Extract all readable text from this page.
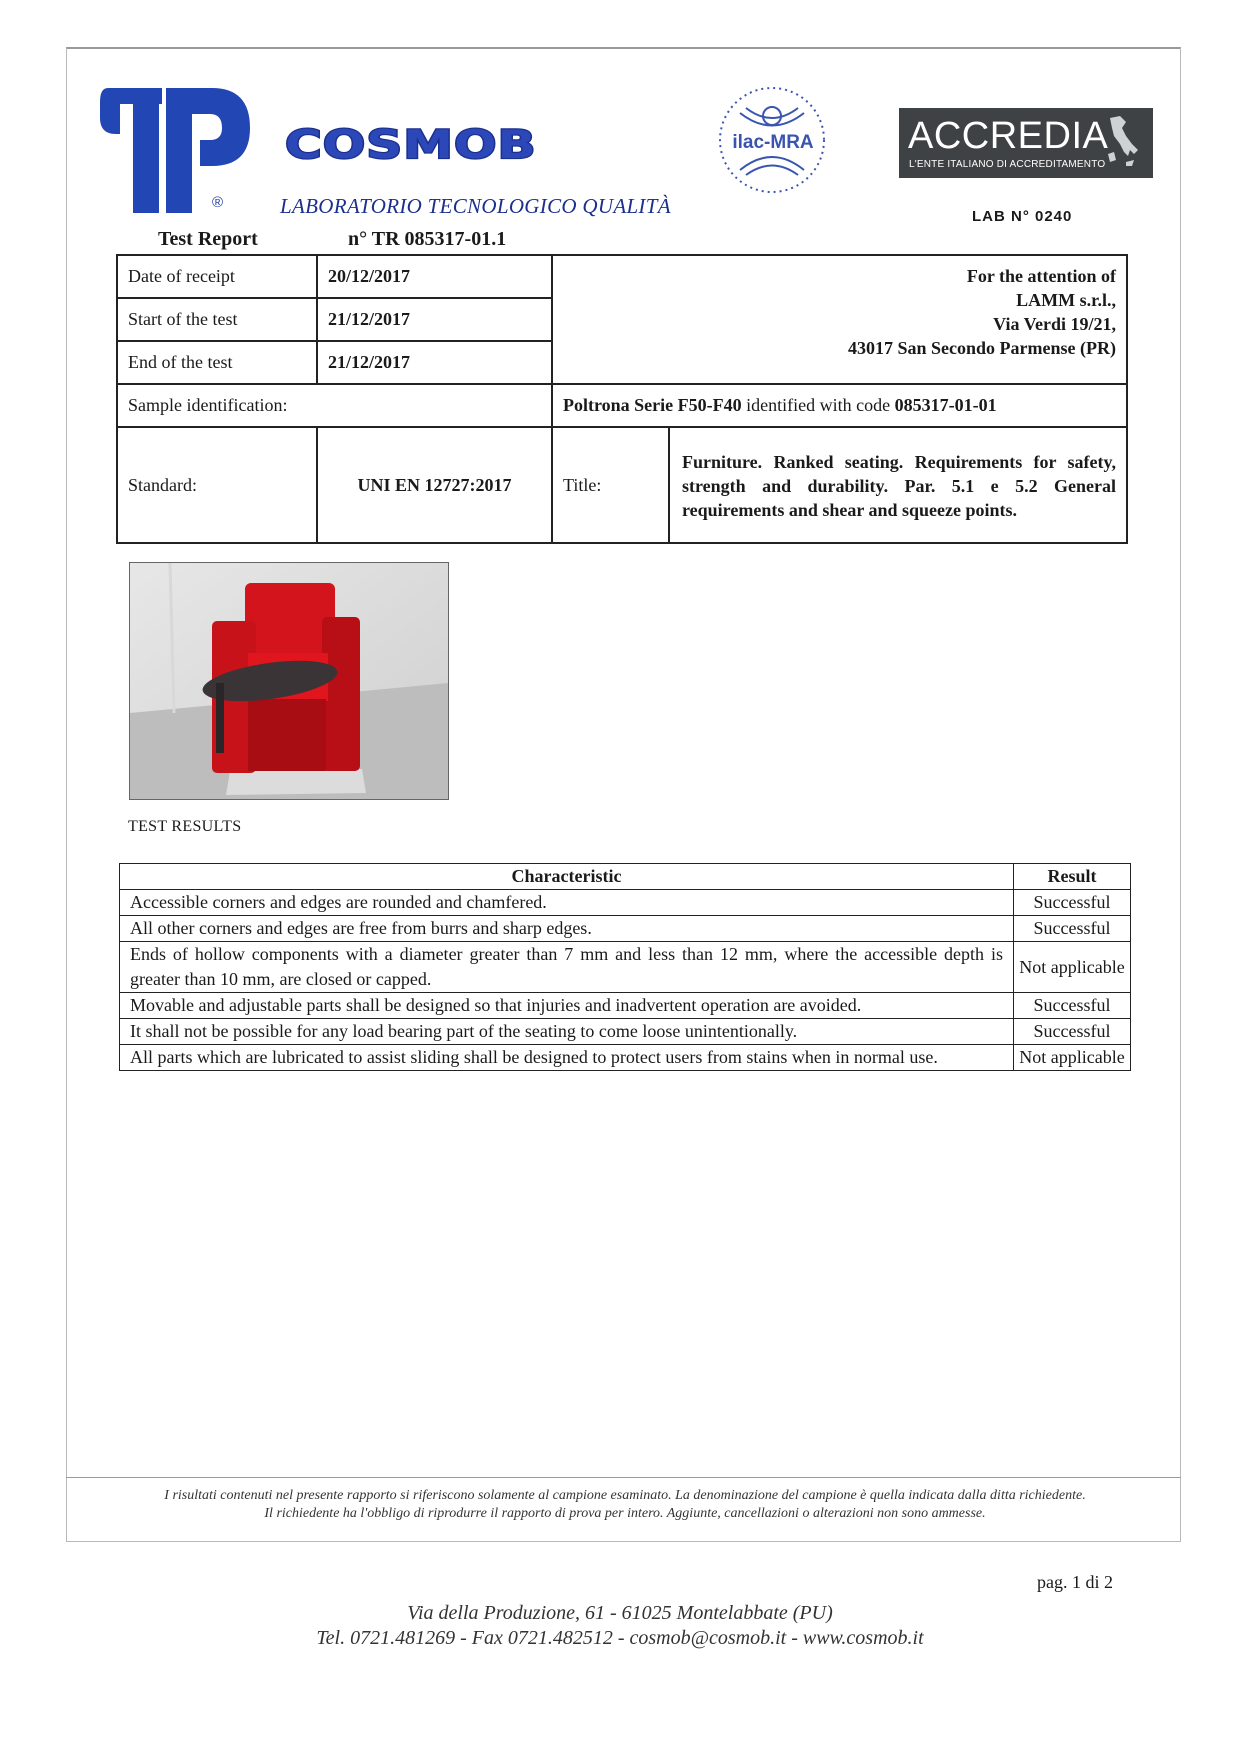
®
COSMOB
LABORATORIO TECNOLOGICO QUALITÀ
ilac-MRA ACCREDIA
L'ENTE ITALIANO DI ACCREDITAMENTO
LAB N° 0240
Test Report	n° TR 085317-01.1
Date of receipt	20/12/2017	For the attention of
LAMM s.r.l.,
Via Verdi 19/21,
43017 San Secondo Parmense (PR)	

Start of the test	21/12/2017		
End of the test	21/12/2017		
Sample identification:		Poltrona Serie F50-F40 identified with code 085317-01-01	
Standard:	UNI EN 12727:2017	Title:	Furniture. Ranked seating. Requirements for safety, strength and durability. Par. 5.1 e 5.2 General requirements and shear and squeeze points.
TEST RESULTS
Characteristic	Result
Accessible corners and edges are rounded and chamfered.	Successful
All other corners and edges are free from burrs and sharp edges.	Successful
Ends of hollow components with a diameter greater than 7 mm and less than 12 mm, where the accessible depth is greater than 10 mm, are closed or capped.	Not applicable
Movable and adjustable parts shall be designed so that injuries and inadvertent operation are avoided.	Successful
It shall not be possible for any load bearing part of the seating to come loose unintentionally.	Successful
All parts which are lubricated to assist sliding shall be designed to protect users from stains when in normal use.	Not applicable
I risultati contenuti nel presente rapporto si riferiscono solamente al campione esaminato. La denominazione del campione è quella indicata dalla ditta richiedente.
Il richiedente ha l'obbligo di riprodurre il rapporto di prova per intero. Aggiunte, cancellazioni o alterazioni non sono ammesse.
pag. 1 di 2
Via della Produzione, 61 - 61025 Montelabbate (PU)
Tel. 0721.481269 - Fax 0721.482512 - cosmob@cosmob.it - www.cosmob.it
